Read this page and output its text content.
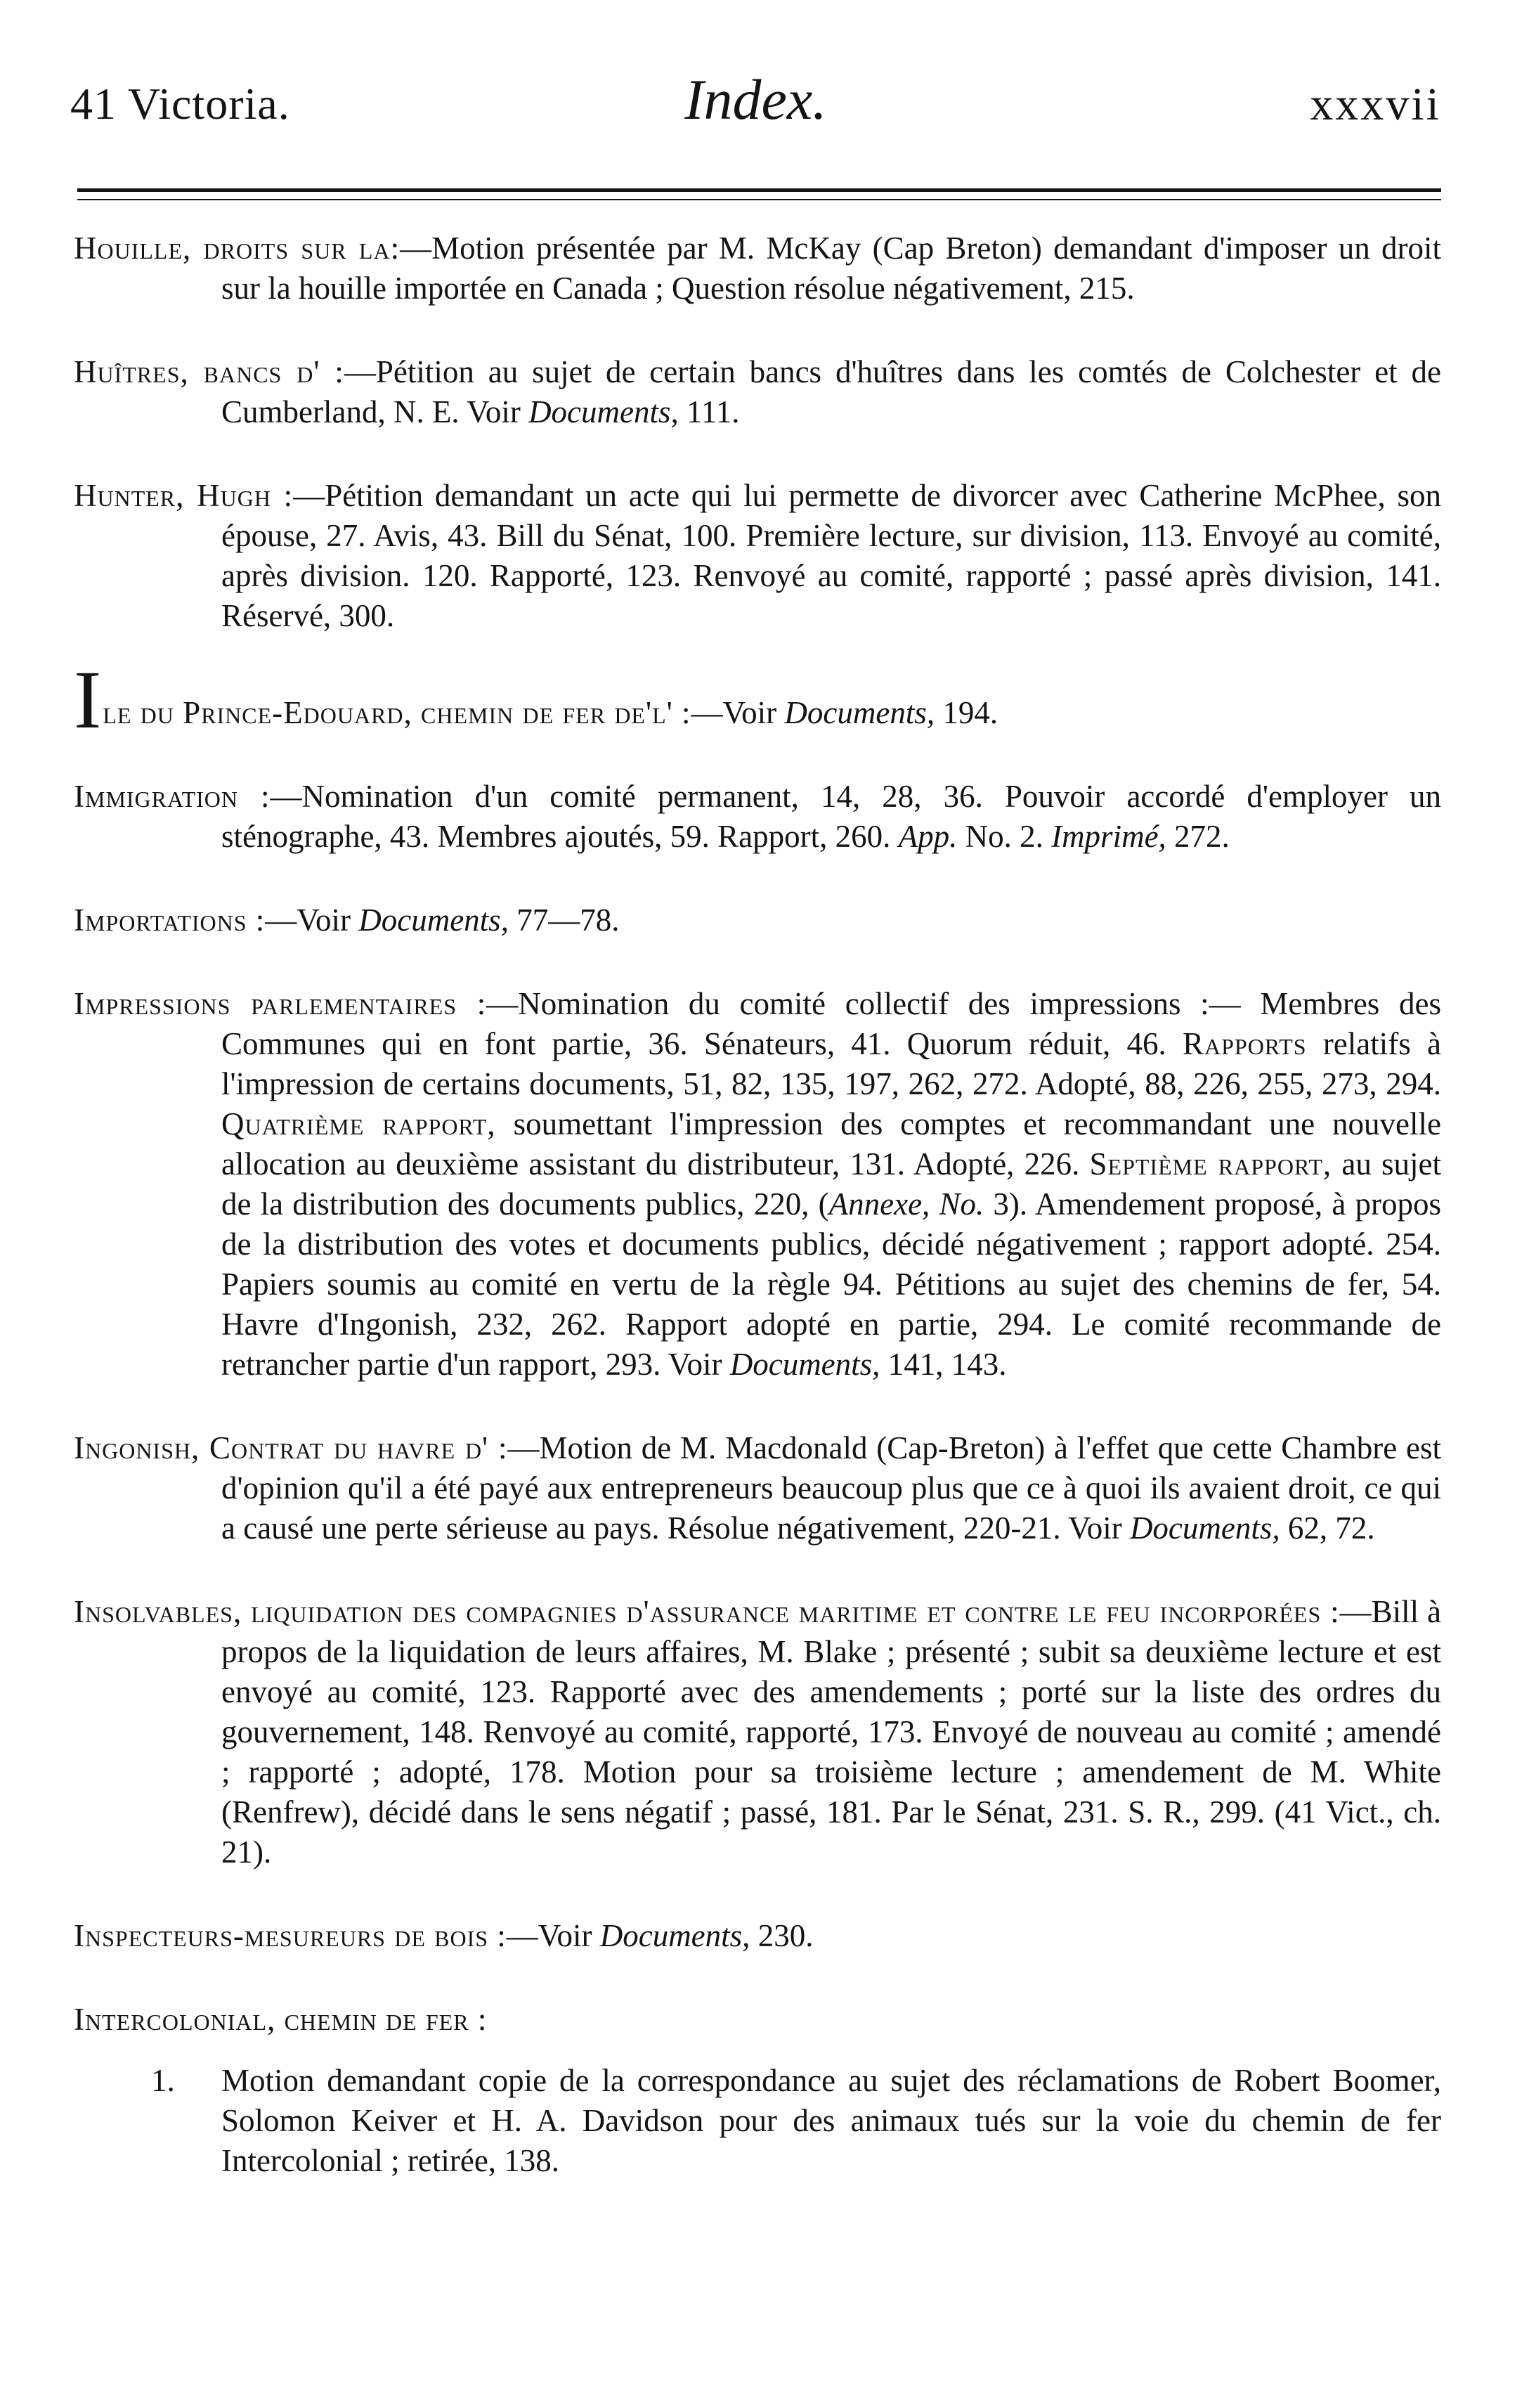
41 Victoria.	Index.	xxxvii

Houille, droits sur la:—Motion présentée par M. McKay (Cap Breton) demandant d'imposer un droit sur la houille importée en Canada ; Question résolue négativement, 215.

Huîtres, bancs d' :—Pétition au sujet de certain bancs d'huîtres dans les comtés de Colchester et de Cumberland, N. E. Voir Documents, 111.

Hunter, Hugh :—Pétition demandant un acte qui lui permette de divorcer avec Catherine McPhee, son épouse, 27. Avis, 43. Bill du Sénat, 100. Première lecture, sur division, 113. Envoyé au comité, après division. 120. Rapporté, 123. Renvoyé au comité, rapporté ; passé après division, 141. Réservé, 300.

Ile du Prince-Edouard, chemin de fer de'l' :—Voir Documents, 194.

Immigration :—Nomination d'un comité permanent, 14, 28, 36. Pouvoir accordé d'employer un sténographe, 43. Membres ajoutés, 59. Rapport, 260. App. No. 2. Imprimé, 272.

Importations :—Voir Documents, 77—78.

Impressions parlementaires :—Nomination du comité collectif des impressions :— Membres des Communes qui en font partie, 36. Sénateurs, 41. Quorum réduit, 46. Rapports relatifs à l'impression de certains documents, 51, 82, 135, 197, 262, 272. Adopté, 88, 226, 255, 273, 294. Quatrième rapport, soumettant l'impression des comptes et recommandant une nouvelle allocation au deuxième assistant du distributeur, 131. Adopté, 226. Septième rapport, au sujet de la distribution des documents publics, 220, (Annexe, No. 3). Amendement proposé, à propos de la distribution des votes et documents publics, décidé négativement ; rapport adopté. 254. Papiers soumis au comité en vertu de la règle 94. Pétitions au sujet des chemins de fer, 54. Havre d'Ingonish, 232, 262. Rapport adopté en partie, 294. Le comité recommande de retrancher partie d'un rapport, 293. Voir Documents, 141, 143.

Ingonish, Contrat du havre d' :—Motion de M. Macdonald (Cap-Breton) à l'effet que cette Chambre est d'opinion qu'il a été payé aux entrepreneurs beaucoup plus que ce à quoi ils avaient droit, ce qui a causé une perte sérieuse au pays. Résolue négativement, 220-21. Voir Documents, 62, 72.

Insolvables, liquidation des compagnies d'assurance maritime et contre le feu incorporées :—Bill à propos de la liquidation de leurs affaires, M. Blake ; présenté ; subit sa deuxième lecture et est envoyé au comité, 123. Rapporté avec des amendements ; porté sur la liste des ordres du gouvernement, 148. Renvoyé au comité, rapporté, 173. Envoyé de nouveau au comité ; amendé ; rapporté ; adopté, 178. Motion pour sa troisième lecture ; amendement de M. White (Renfrew), décidé dans le sens négatif ; passé, 181. Par le Sénat, 231. S. R., 299. (41 Vict., ch. 21).

Inspecteurs-mesureurs de bois :—Voir Documents, 230.

Intercolonial, chemin de fer :

1. Motion demandant copie de la correspondance au sujet des réclamations de Robert Boomer, Solomon Keiver et H. A. Davidson pour des animaux tués sur la voie du chemin de fer Intercolonial ; retirée, 138.
